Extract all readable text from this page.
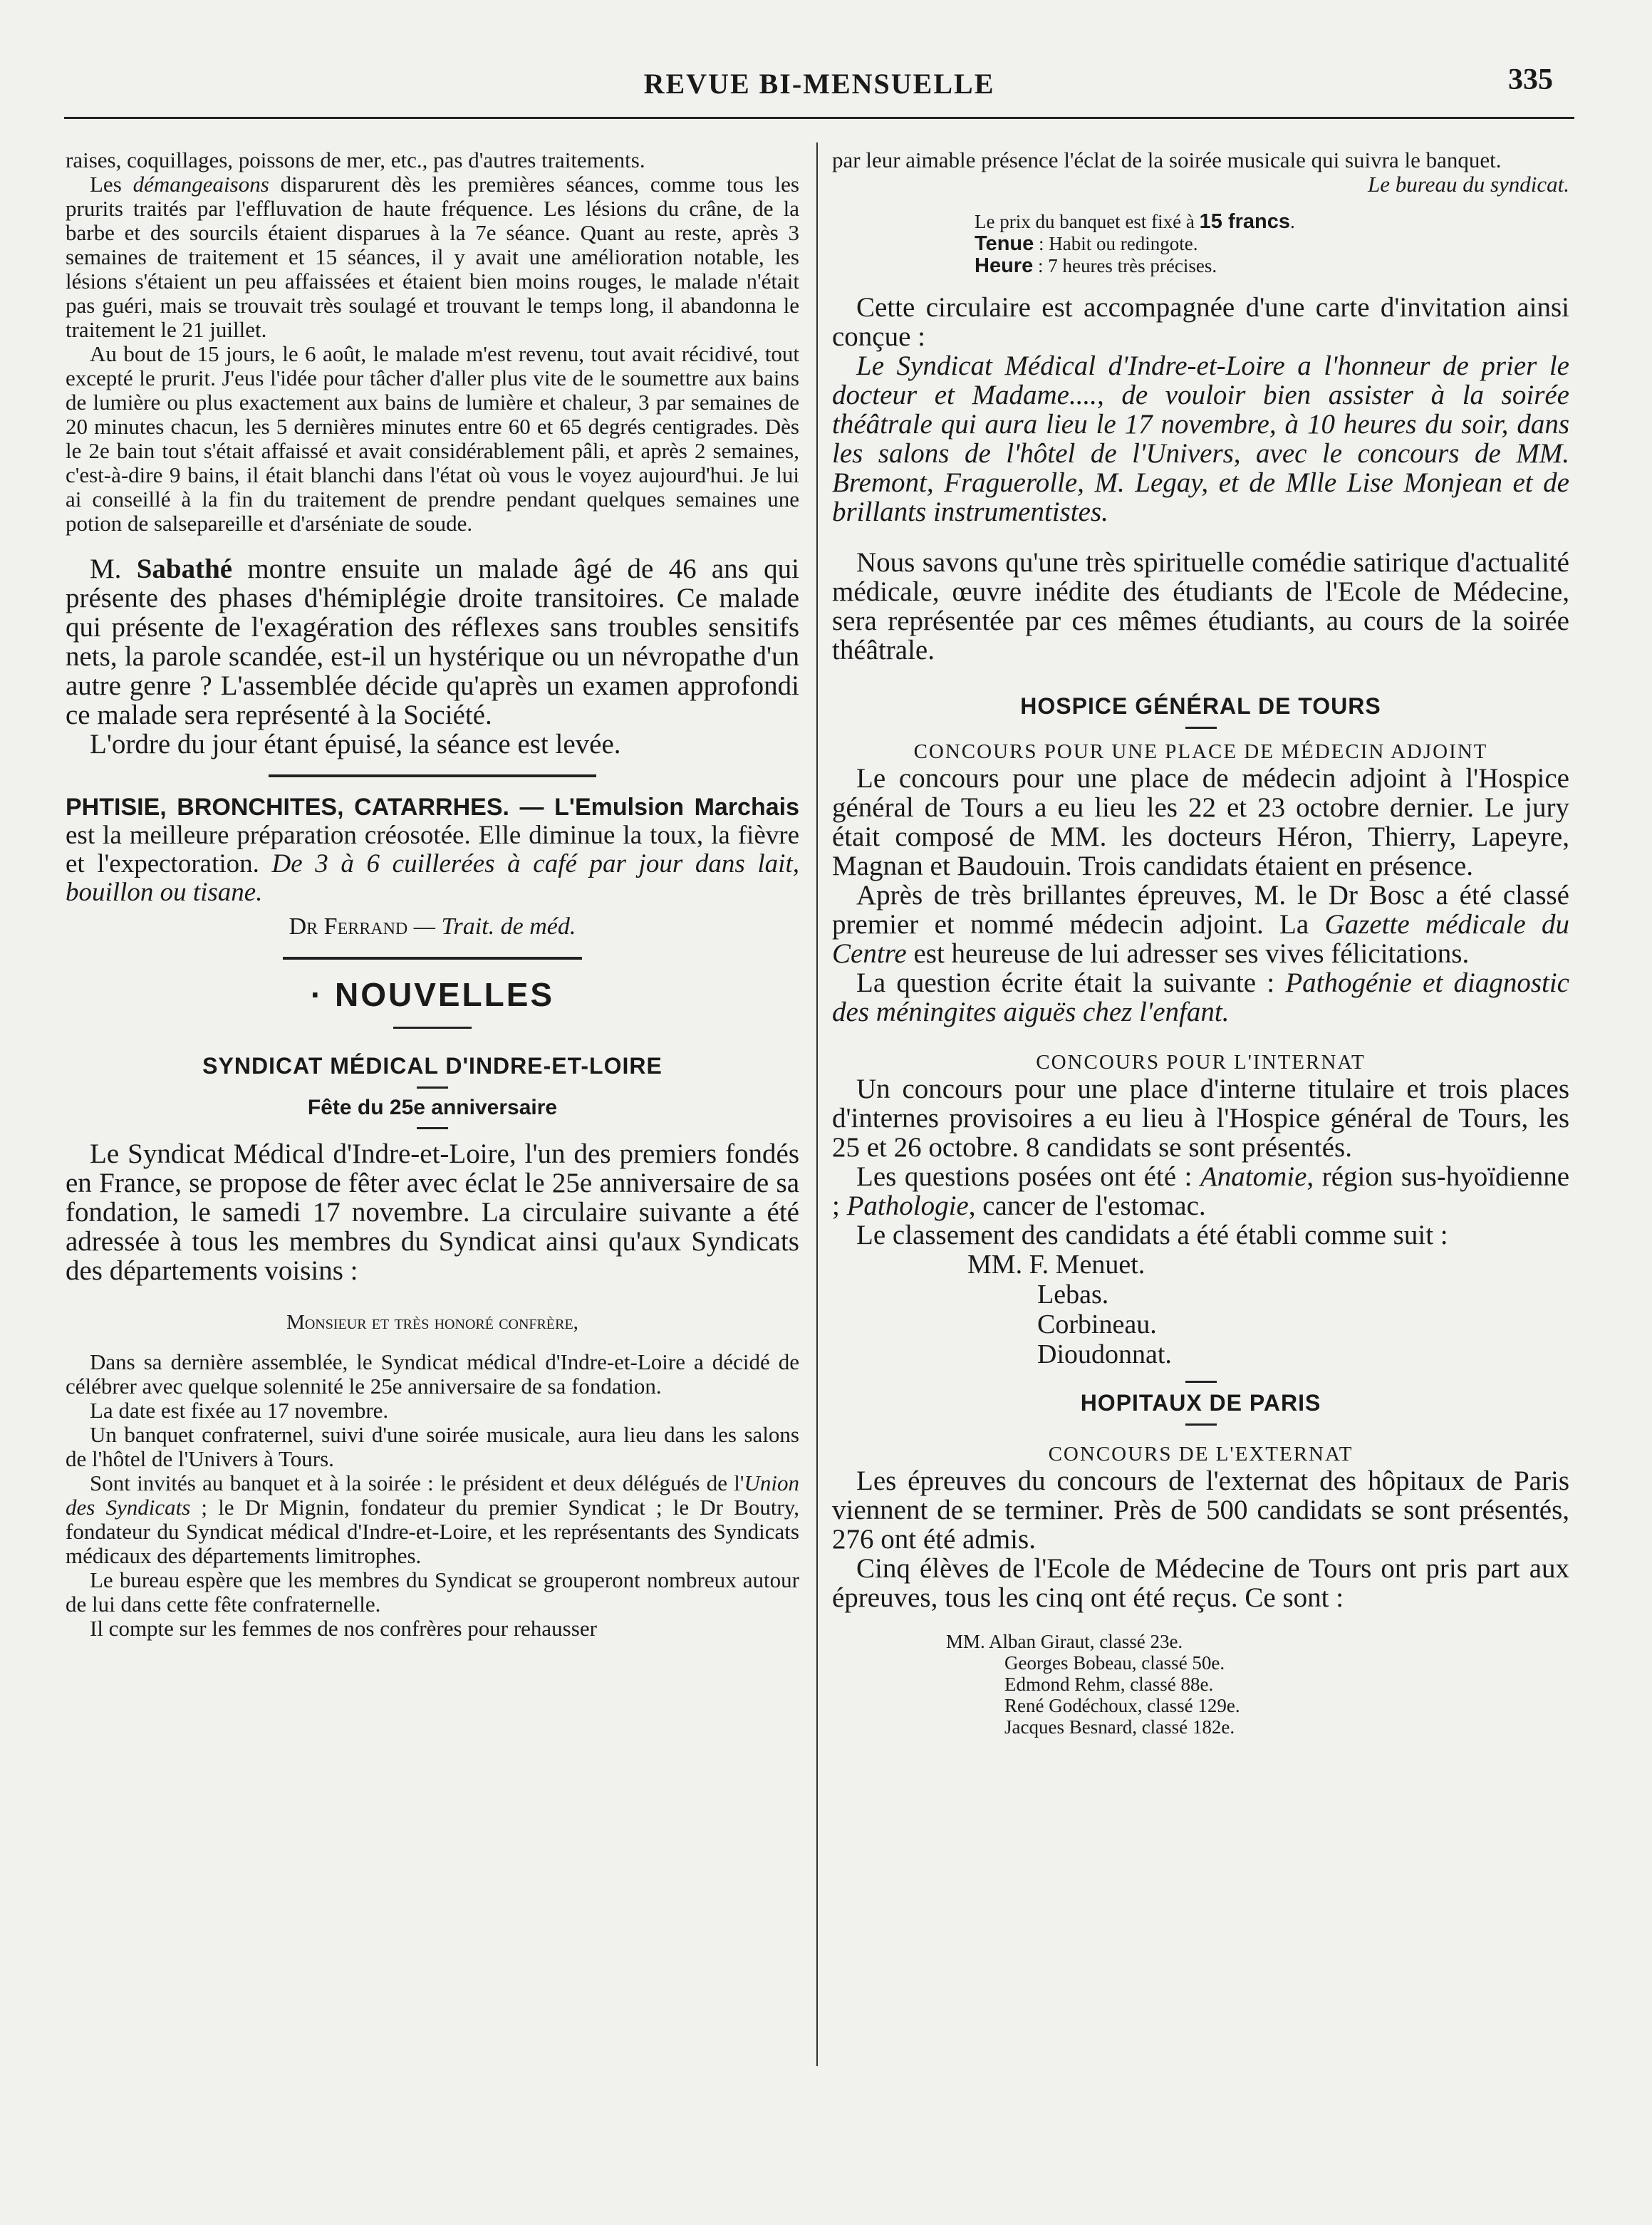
REVUE BI-MENSUELLE	335

raises, coquillages, poissons de mer, etc., pas d'autres traitements.

Les démangeaisons disparurent dès les premières séances, comme tous les prurits traités par l'effluvation de haute fréquence. Les lésions du crâne, de la barbe et des sourcils étaient disparues à la 7e séance. Quant au reste, après 3 semaines de traitement et 15 séances, il y avait une amélioration notable, les lésions s'étaient un peu affaissées et étaient bien moins rouges, le malade n'était pas guéri, mais se trouvait très soulagé et trouvant le temps long, il abandonna le traitement le 21 juillet.

Au bout de 15 jours, le 6 août, le malade m'est revenu, tout avait récidivé, tout excepté le prurit. J'eus l'idée pour tâcher d'aller plus vite de le soumettre aux bains de lumière ou plus exactement aux bains de lumière et chaleur, 3 par semaines de 20 minutes chacun, les 5 dernières minutes entre 60 et 65 degrés centigrades. Dès le 2e bain tout s'était affaissé et avait considérablement pâli, et après 2 semaines, c'est-à-dire 9 bains, il était blanchi dans l'état où vous le voyez aujourd'hui. Je lui ai conseillé à la fin du traitement de prendre pendant quelques semaines une potion de salsepareille et d'arséniate de soude.

M. Sabathé montre ensuite un malade âgé de 46 ans qui présente des phases d'hémiplégie droite transitoires. Ce malade qui présente de l'exagération des réflexes sans troubles sensitifs nets, la parole scandée, est-il un hystérique ou un névropathe d'un autre genre ? L'assemblée décide qu'après un examen approfondi ce malade sera représenté à la Société.

L'ordre du jour étant épuisé, la séance est levée.

PHTISIE, BRONCHITES, CATARRHES. — L'Emulsion Marchais est la meilleure préparation créosotée. Elle diminue la toux, la fièvre et l'expectoration. De 3 à 6 cuillerées à café par jour dans lait, bouillon ou tisane.

Dr Ferrand — Trait. de méd.

· NOUVELLES
SYNDICAT MÉDICAL D'INDRE-ET-LOIRE
Fête du 25e anniversaire

Le Syndicat Médical d'Indre-et-Loire, l'un des premiers fondés en France, se propose de fêter avec éclat le 25e anniversaire de sa fondation, le samedi 17 novembre. La circulaire suivante a été adressée à tous les membres du Syndicat ainsi qu'aux Syndicats des départements voisins :

Monsieur et très honoré confrère,

Dans sa dernière assemblée, le Syndicat médical d'Indre-et-Loire a décidé de célébrer avec quelque solennité le 25e anniversaire de sa fondation.

La date est fixée au 17 novembre.

Un banquet confraternel, suivi d'une soirée musicale, aura lieu dans les salons de l'hôtel de l'Univers à Tours.

Sont invités au banquet et à la soirée : le président et deux délégués de l'Union des Syndicats ; le Dr Mignin, fondateur du premier Syndicat ; le Dr Boutry, fondateur du Syndicat médical d'Indre-et-Loire, et les représentants des Syndicats médicaux des départements limitrophes.

Le bureau espère que les membres du Syndicat se grouperont nombreux autour de lui dans cette fête confraternelle.

Il compte sur les femmes de nos confrères pour rehausser

par leur aimable présence l'éclat de la soirée musicale qui suivra le banquet.

Le bureau du syndicat.

Le prix du banquet est fixé à 15 francs.

Tenue : Habit ou redingote.

Heure : 7 heures très précises.

Cette circulaire est accompagnée d'une carte d'invitation ainsi conçue :

Le Syndicat Médical d'Indre-et-Loire a l'honneur de prier le docteur et Madame...., de vouloir bien assister à la soirée théâtrale qui aura lieu le 17 novembre, à 10 heures du soir, dans les salons de l'hôtel de l'Univers, avec le concours de MM. Bremont, Fraguerolle, M. Legay, et de Mlle Lise Monjean et de brillants instrumentistes.

Nous savons qu'une très spirituelle comédie satirique d'actualité médicale, œuvre inédite des étudiants de l'Ecole de Médecine, sera représentée par ces mêmes étudiants, au cours de la soirée théâtrale.

HOSPICE GÉNÉRAL DE TOURS
CONCOURS POUR UNE PLACE DE MÉDECIN ADJOINT

Le concours pour une place de médecin adjoint à l'Hospice général de Tours a eu lieu les 22 et 23 octobre dernier. Le jury était composé de MM. les docteurs Héron, Thierry, Lapeyre, Magnan et Baudouin. Trois candidats étaient en présence.

Après de très brillantes épreuves, M. le Dr Bosc a été classé premier et nommé médecin adjoint. La Gazette médicale du Centre est heureuse de lui adresser ses vives félicitations.

La question écrite était la suivante : Pathogénie et diagnostic des méningites aiguës chez l'enfant.

CONCOURS POUR L'INTERNAT

Un concours pour une place d'interne titulaire et trois places d'internes provisoires a eu lieu à l'Hospice général de Tours, les 25 et 26 octobre. 8 candidats se sont présentés.

Les questions posées ont été : Anatomie, région sus-hyoïdienne ; Pathologie, cancer de l'estomac.

Le classement des candidats a été établi comme suit :

MM. F. Menuet.
Lebas.
Corbineau.
Dioudonnat.
HOPITAUX DE PARIS
CONCOURS DE L'EXTERNAT

Les épreuves du concours de l'externat des hôpitaux de Paris viennent de se terminer. Près de 500 candidats se sont présentés, 276 ont été admis.

Cinq élèves de l'Ecole de Médecine de Tours ont pris part aux épreuves, tous les cinq ont été reçus. Ce sont :

MM. Alban Giraut, classé 23e.
Georges Bobeau, classé 50e.
Edmond Rehm, classé 88e.
René Godéchoux, classé 129e.
Jacques Besnard, classé 182e.
